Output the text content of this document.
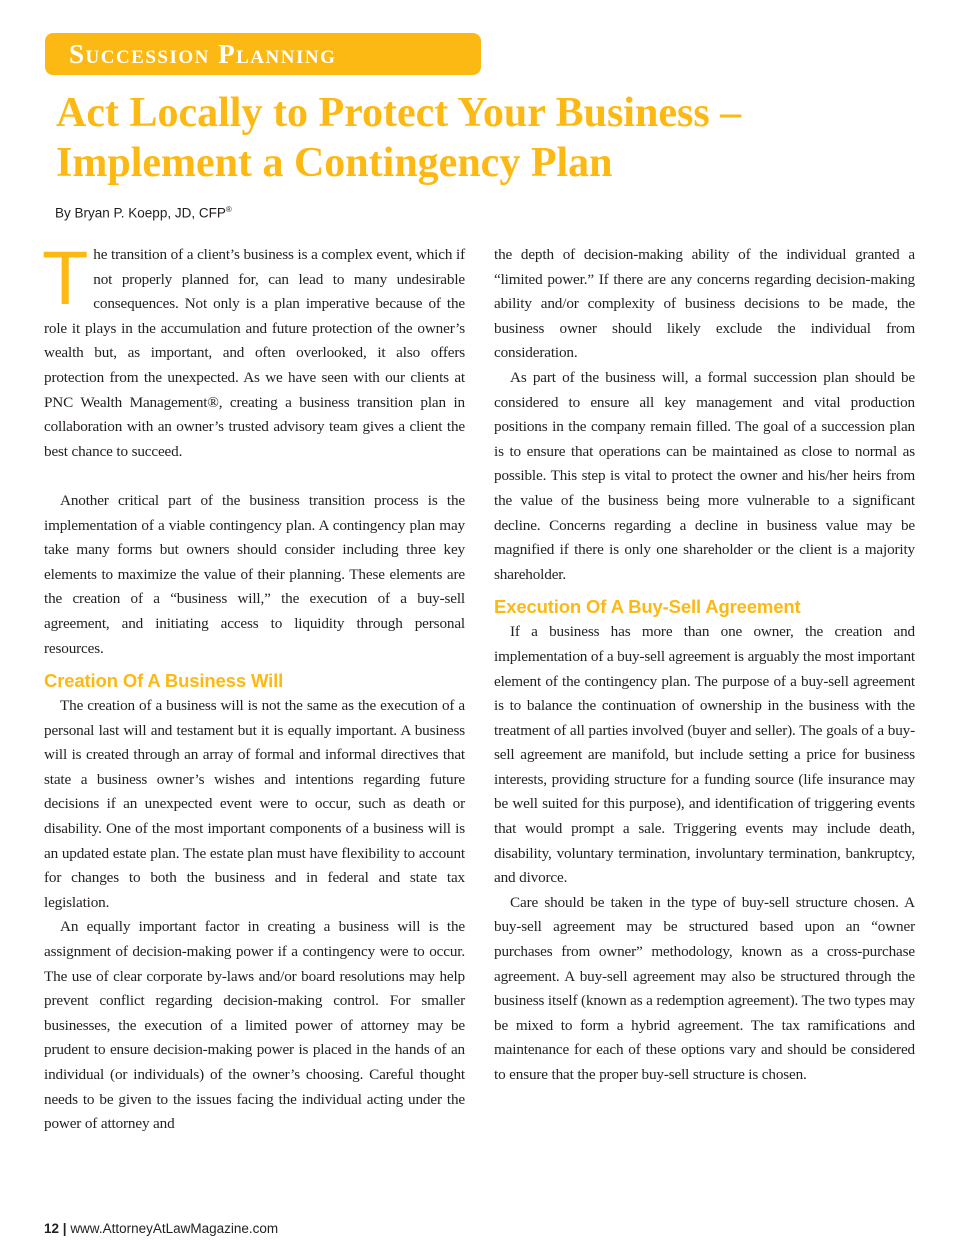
Succession Planning
Act Locally to Protect Your Business – Implement a Contingency Plan
By Bryan P. Koepp, JD, CFP®

The transition of a client’s business is a complex event, which if not properly planned for, can lead to many undesirable consequences. Not only is a plan imperative because of the role it plays in the accumulation and future protection of the owner’s wealth but, as important, and often overlooked, it also offers protection from the unexpected. As we have seen with our clients at PNC Wealth Management®, creating a business transition plan in collaboration with an owner’s trusted advisory team gives a client the best chance to succeed.

Another critical part of the business transition process is the implementation of a viable contingency plan. A contingency plan may take many forms but owners should consider including three key elements to maximize the value of their planning. These elements are the creation of a “business will,” the execution of a buy-sell agreement, and initiating access to liquidity through personal resources.

Creation Of A Business Will

The creation of a business will is not the same as the execution of a personal last will and testament but it is equally important. A business will is created through an array of formal and informal directives that state a business owner’s wishes and intentions regarding future decisions if an unexpected event were to occur, such as death or disability. One of the most important components of a business will is an updated estate plan. The estate plan must have flexibility to account for changes to both the business and in federal and state tax legislation.

An equally important factor in creating a business will is the assignment of decision-making power if a contingency were to occur. The use of clear corporate by-laws and/or board resolutions may help prevent conflict regarding decision-making control. For smaller businesses, the execution of a limited power of attorney may be prudent to ensure decision-making power is placed in the hands of an individual (or individuals) of the owner’s choosing. Careful thought needs to be given to the issues facing the individual acting under the power of attorney and

the depth of decision-making ability of the individual granted a “limited power.” If there are any concerns regarding decision-making ability and/or complexity of business decisions to be made, the business owner should likely exclude the individual from consideration.

As part of the business will, a formal succession plan should be considered to ensure all key management and vital production positions in the company remain filled. The goal of a succession plan is to ensure that operations can be maintained as close to normal as possible. This step is vital to protect the owner and his/her heirs from the value of the business being more vulnerable to a significant decline. Concerns regarding a decline in business value may be magnified if there is only one shareholder or the client is a majority shareholder.

Execution Of A Buy-Sell Agreement

If a business has more than one owner, the creation and implementation of a buy-sell agreement is arguably the most important element of the contingency plan. The purpose of a buy-sell agreement is to balance the continuation of ownership in the business with the treatment of all parties involved (buyer and seller). The goals of a buy-sell agreement are manifold, but include setting a price for business interests, providing structure for a funding source (life insurance may be well suited for this purpose), and identification of triggering events that would prompt a sale. Triggering events may include death, disability, voluntary termination, involuntary termination, bankruptcy, and divorce.

Care should be taken in the type of buy-sell structure chosen. A buy-sell agreement may be structured based upon an “owner purchases from owner” methodology, known as a cross-purchase agreement. A buy-sell agreement may also be structured through the business itself (known as a redemption agreement). The two types may be mixed to form a hybrid agreement. The tax ramifications and maintenance for each of these options vary and should be considered to ensure that the proper buy-sell structure is chosen.

12 | www.AttorneyAtLawMagazine.com
